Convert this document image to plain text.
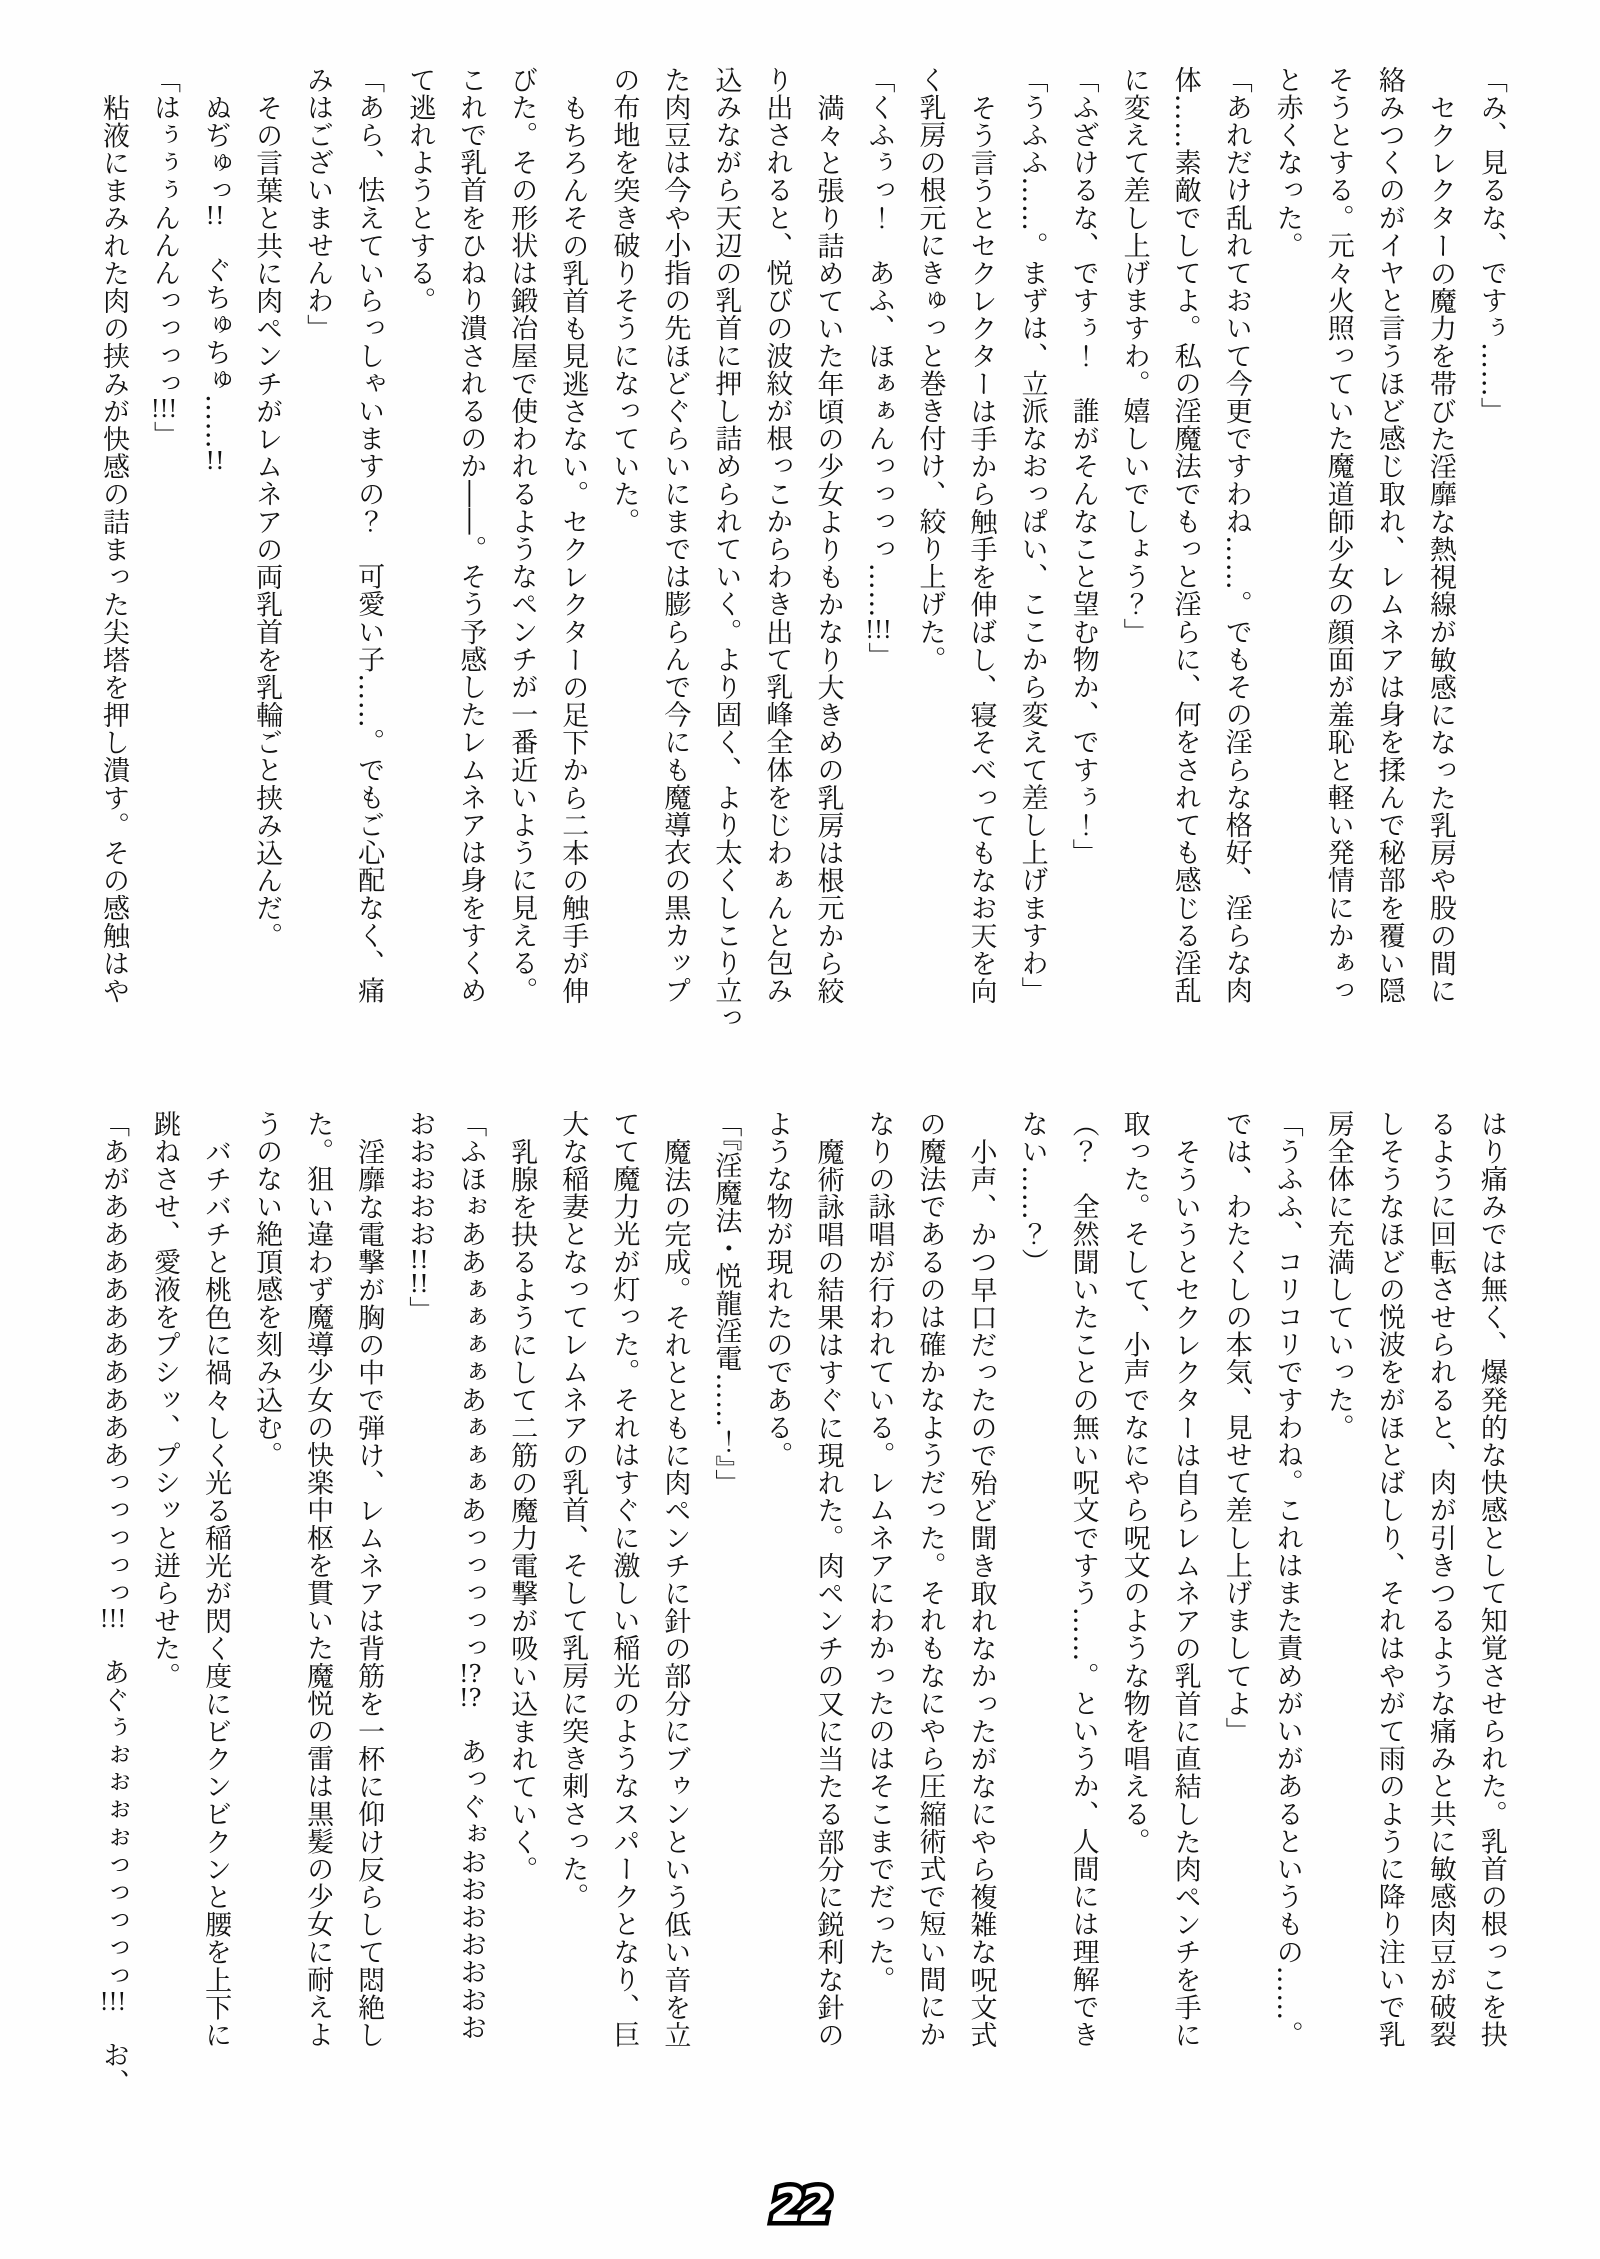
「み、見るな、ですぅ……」
セクレクターの魔力を帯びた淫靡な熱視線が敏感になった乳房や股の間に
絡みつくのがイヤと言うほど感じ取れ、レムネアは身を揉んで秘部を覆い隠
そうとする。元々火照っていた魔道師少女の顔面が羞恥と軽い発情にかぁっ
と赤くなった。
「あれだけ乱れておいて今更ですわね……。でもその淫らな格好、淫らな肉
体……素敵でしてよ。私の淫魔法でもっと淫らに、何をされても感じる淫乱
に変えて差し上げますわ。嬉しいでしょう？」
「ふざけるな、ですぅ！　誰がそんなこと望む物か、ですぅ！」
「うふふ……。まずは、立派なおっぱい、ここから変えて差し上げますわ」
そう言うとセクレクターは手から触手を伸ばし、寝そべってもなお天を向
く乳房の根元にきゅっと巻き付け、絞り上げた。
「くふぅっ！　あふ、ほぁぁんっっっっ……!!!」
満々と張り詰めていた年頃の少女よりもかなり大きめの乳房は根元から絞
り出されると、悦びの波紋が根っこからわき出て乳峰全体をじわぁんと包み
込みながら天辺の乳首に押し詰められていく。より固く、より太くしこり立っ
た肉豆は今や小指の先ほどぐらいにまでは膨らんで今にも魔導衣の黒カップ
の布地を突き破りそうになっていた。
もちろんその乳首も見逃さない。セクレクターの足下から二本の触手が伸
びた。その形状は鍛冶屋で使われるようなペンチが一番近いように見える。
これで乳首をひねり潰されるのか――。そう予感したレムネアは身をすくめ
て逃れようとする。
「あら、怯えていらっしゃいますの？　可愛い子……。でもご心配なく、痛
みはございませんわ」
その言葉と共に肉ペンチがレムネアの両乳首を乳輪ごと挟み込んだ。
ぬぢゅっ!!　ぐちゅちゅ……!!
「はぅぅぅんんんっっっっ!!!」
粘液にまみれた肉の挟みが快感の詰まった尖塔を押し潰す。その感触はや
はり痛みでは無く、爆発的な快感として知覚させられた。乳首の根っこを抉
るように回転させられると、肉が引きつるような痛みと共に敏感肉豆が破裂
しそうなほどの悦波をがほとばしり、それはやがて雨のように降り注いで乳
房全体に充満していった。
「うふふ、コリコリですわね。これはまた責めがいがあるというもの……。
では、わたくしの本気、見せて差し上げましてよ」
そういうとセクレクターは自らレムネアの乳首に直結した肉ペンチを手に
取った。そして、小声でなにやら呪文のような物を唱える。
（？　全然聞いたことの無い呪文ですう……。というか、人間には理解でき
ない……？）
小声、かつ早口だったので殆ど聞き取れなかったがなにやら複雑な呪文式
の魔法であるのは確かなようだった。それもなにやら圧縮術式で短い間にか
なりの詠唱が行われている。レムネアにわかったのはそこまでだった。
魔術詠唱の結果はすぐに現れた。肉ペンチの又に当たる部分に鋭利な針の
ような物が現れたのである。
「『淫魔法・悦龍淫電……！』」
魔法の完成。それとともに肉ペンチに針の部分にブゥンという低い音を立
てて魔力光が灯った。それはすぐに激しい稲光のようなスパークとなり、巨
大な稲妻となってレムネアの乳首、そして乳房に突き刺さった。
乳腺を抉るようにして二筋の魔力電撃が吸い込まれていく。
「ふほぉああぁぁぁぁあぁぁぁあっっっっっ!?!?　あっぐぉおおおおおおお
おおおおお!!!!」
淫靡な電撃が胸の中で弾け、レムネアは背筋を一杯に仰け反らして悶絶し
た。狙い違わず魔導少女の快楽中枢を貫いた魔悦の雷は黒髪の少女に耐えよ
うのない絶頂感を刻み込む。
バチバチと桃色に禍々しく光る稲光が閃く度にビクンビクンと腰を上下に
跳ねさせ、愛液をプシッ、プシッと迸らせた。
「あがああああああああああっっっっっ!!!　あぐぅぉぉぉぉっっっっっ!!!　お、
22
